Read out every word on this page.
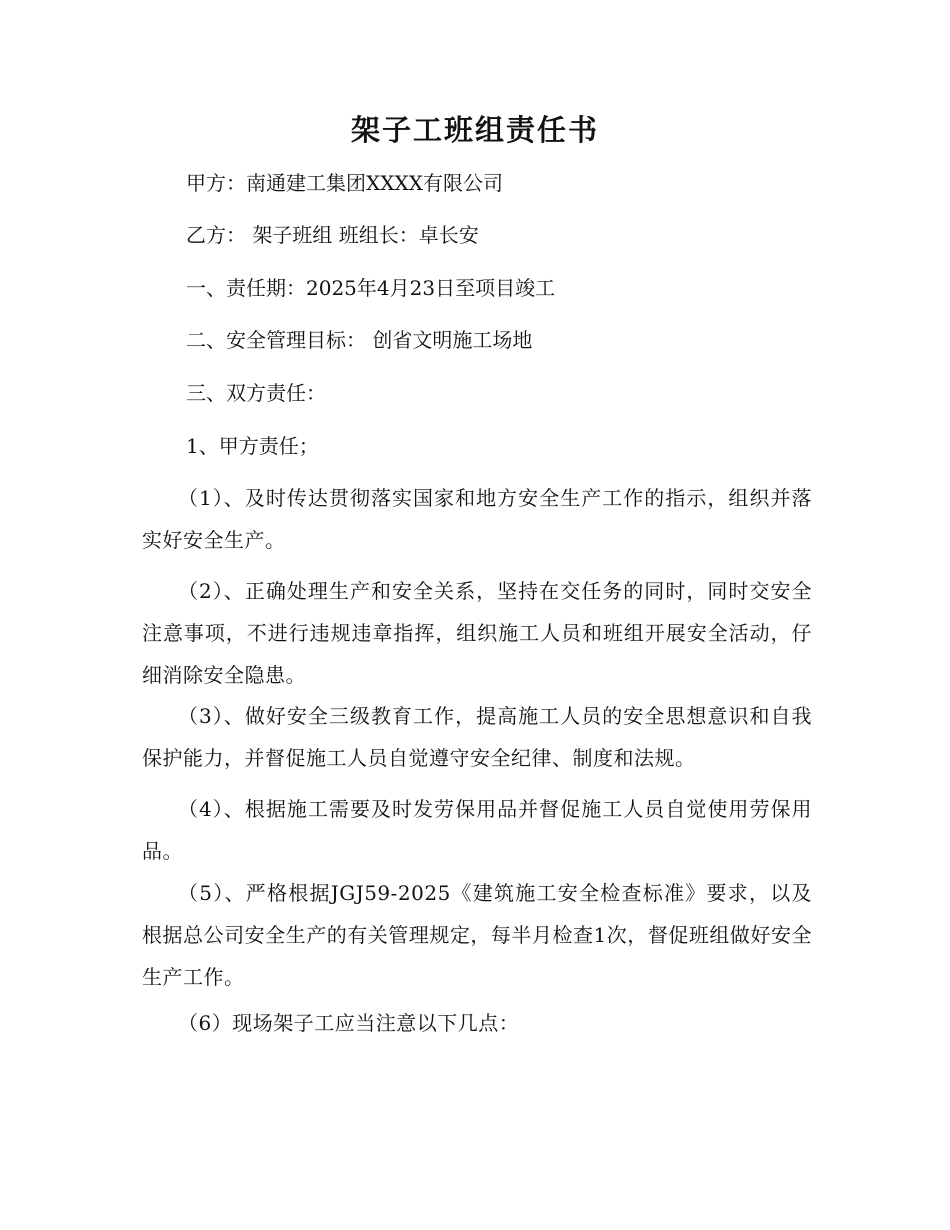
架子工班组责任书
甲方：南通建工集团XXXX有限公司
乙方： 架子班组 班组长：卓长安
一、责任期：2025年4月23日至项目竣工
二、安全管理目标： 创省文明施工场地
三、双方责任：
1、甲方责任；
（1）、及时传达贯彻落实国家和地方安全生产工作的指示，组织并落实好安全生产。
（2）、正确处理生产和安全关系，坚持在交任务的同时，同时交安全注意事项，不进行违规违章指挥，组织施工人员和班组开展安全活动，仔细消除安全隐患。
（3）、做好安全三级教育工作，提高施工人员的安全思想意识和自我保护能力，并督促施工人员自觉遵守安全纪律、制度和法规。
（4）、根据施工需要及时发劳保用品并督促施工人员自觉使用劳保用品。
（5）、严格根据JGJ59-2025《建筑施工安全检查标准》要求，以及根据总公司安全生产的有关管理规定，每半月检查1次，督促班组做好安全生产工作。
（6）现场架子工应当注意以下几点：
